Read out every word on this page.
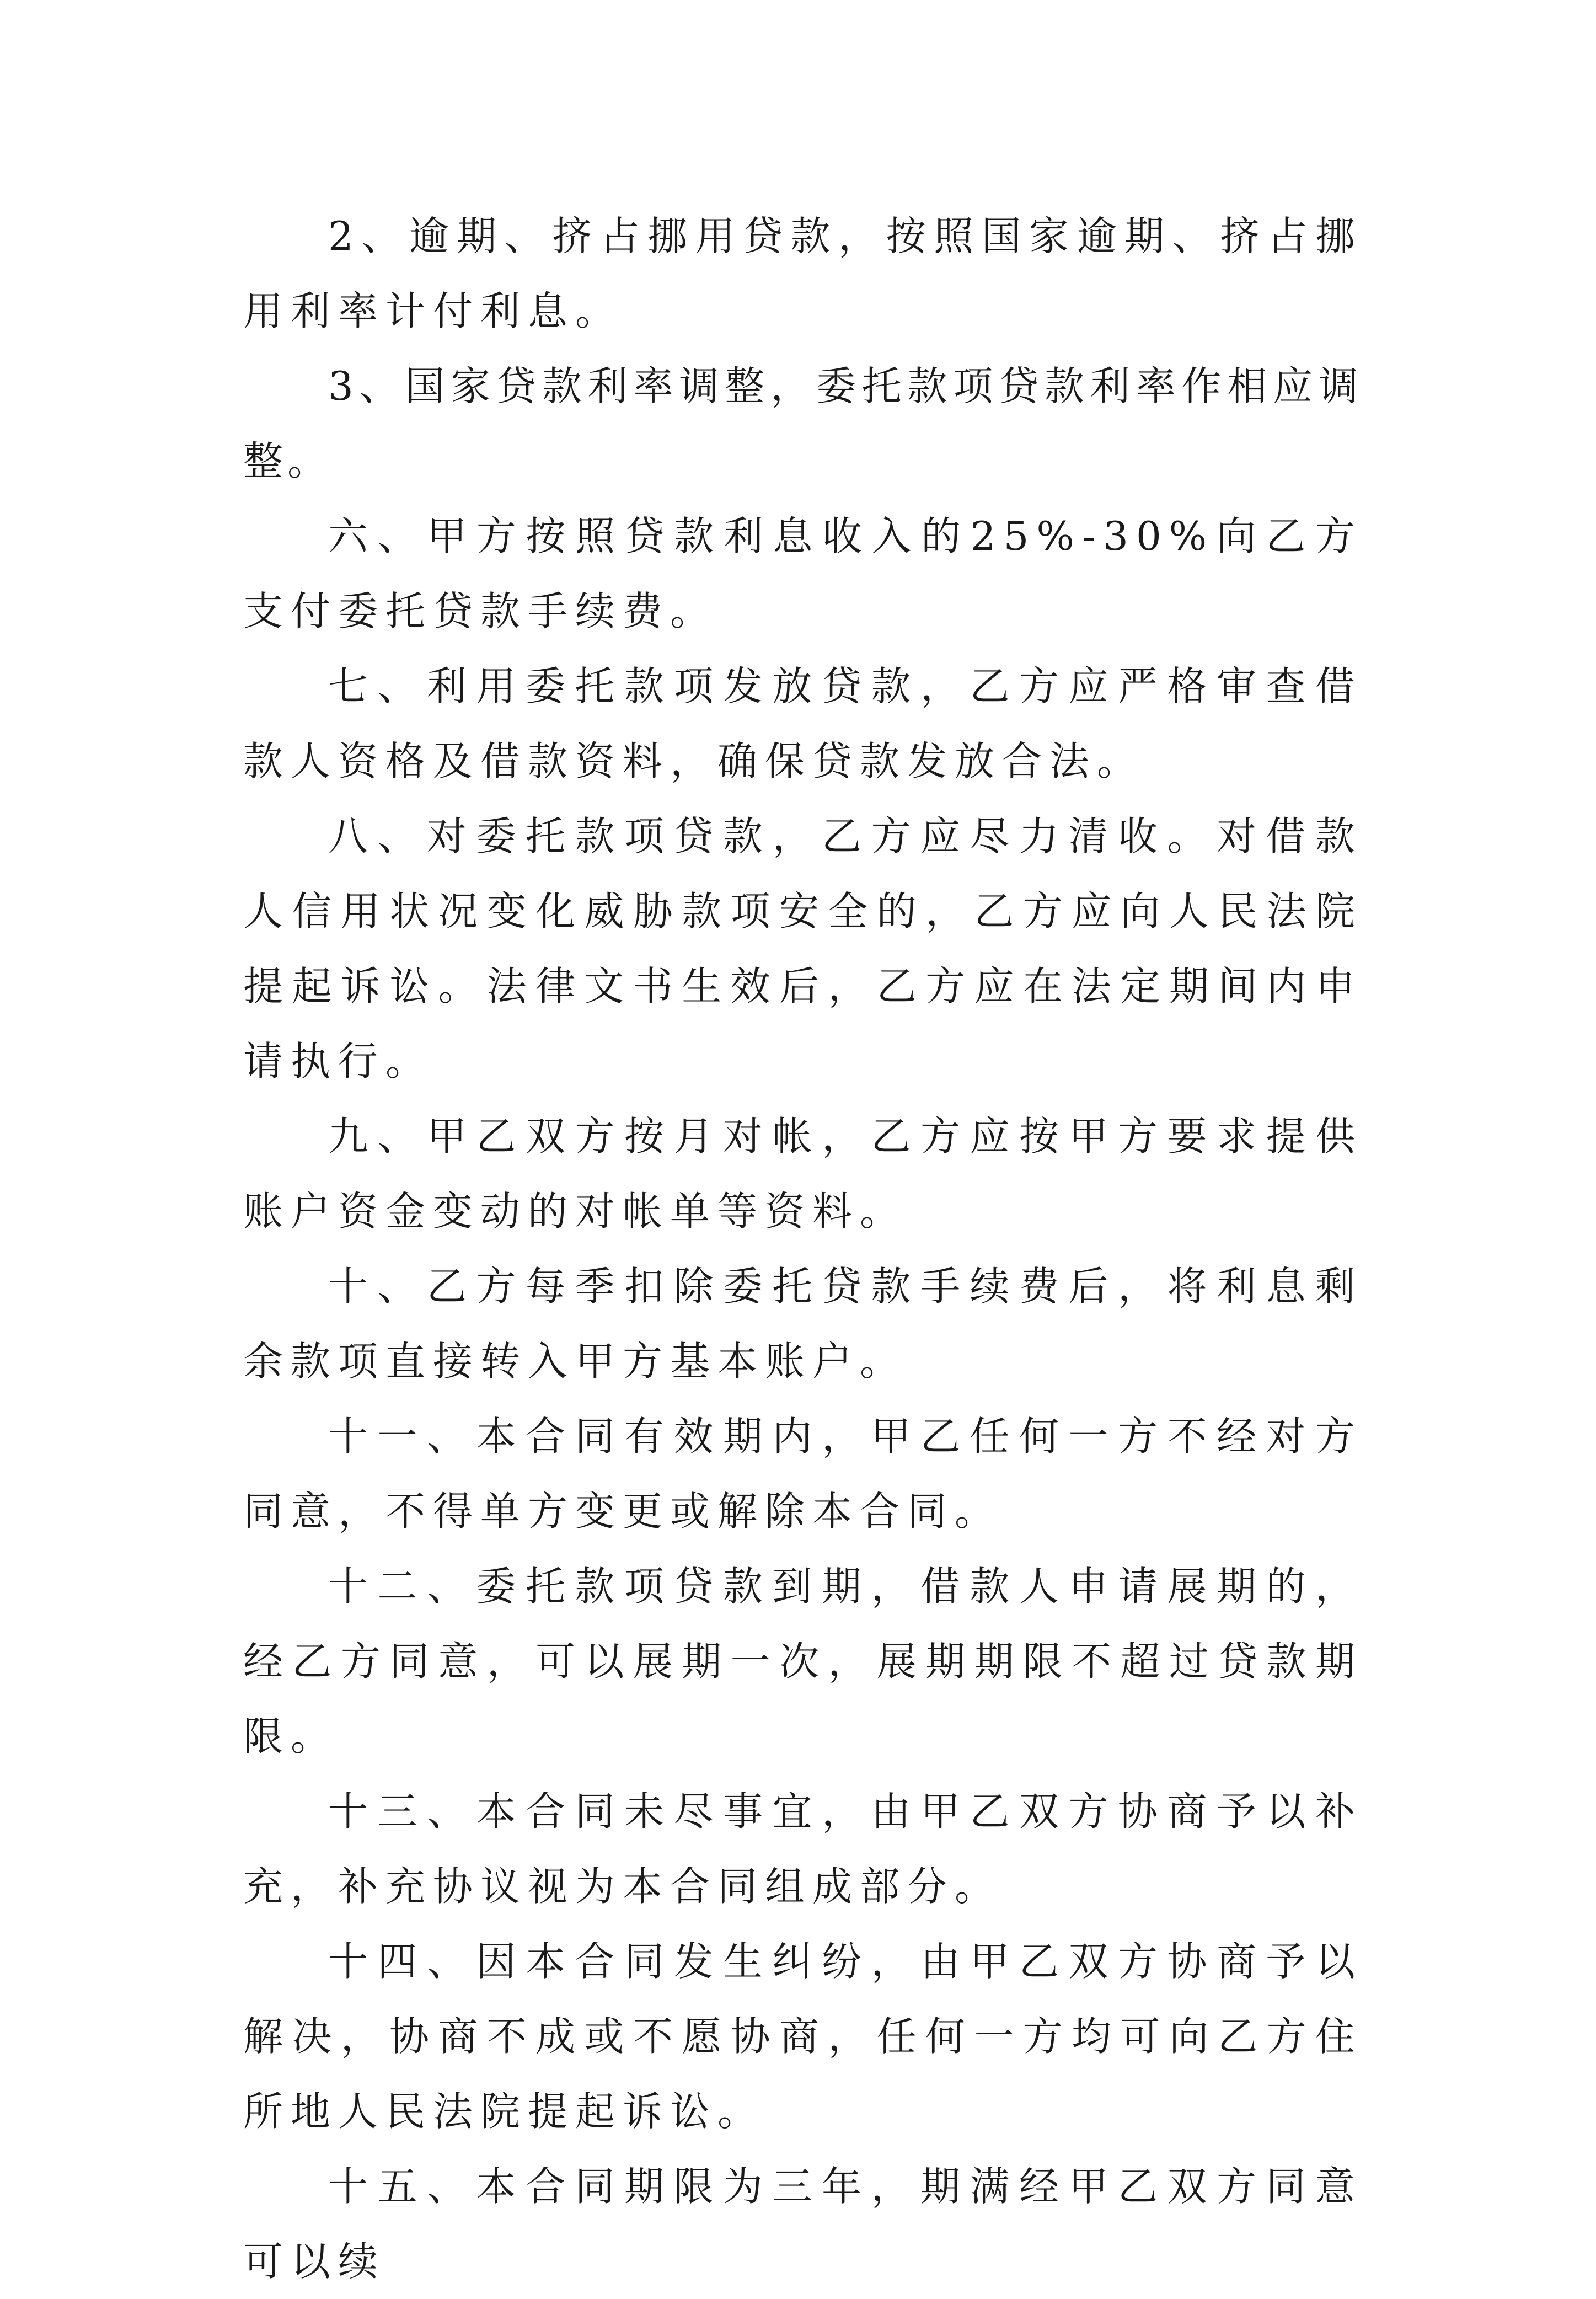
2、逾期、挤占挪用贷款，按照国家逾期、挤占挪用利率计付利息。

3、国家贷款利率调整，委托款项贷款利率作相应调整。

六、甲方按照贷款利息收入的25%-30%向乙方支付委托贷款手续费。

七、利用委托款项发放贷款，乙方应严格审查借款人资格及借款资料，确保贷款发放合法。

八、对委托款项贷款，乙方应尽力清收。对借款人信用状况变化威胁款项安全的，乙方应向人民法院提起诉讼。法律文书生效后，乙方应在法定期间内申请执行。

九、甲乙双方按月对帐，乙方应按甲方要求提供账户资金变动的对帐单等资料。

十、乙方每季扣除委托贷款手续费后，将利息剩余款项直接转入甲方基本账户。

十一、本合同有效期内，甲乙任何一方不经对方同意，不得单方变更或解除本合同。

十二、委托款项贷款到期，借款人申请展期的，经乙方同意，可以展期一次，展期期限不超过贷款期限。

十三、本合同未尽事宜，由甲乙双方协商予以补充，补充协议视为本合同组成部分。

十四、因本合同发生纠纷，由甲乙双方协商予以解决，协商不成或不愿协商，任何一方均可向乙方住所地人民法院提起诉讼。

十五、本合同期限为三年，期满经甲乙双方同意可以续
